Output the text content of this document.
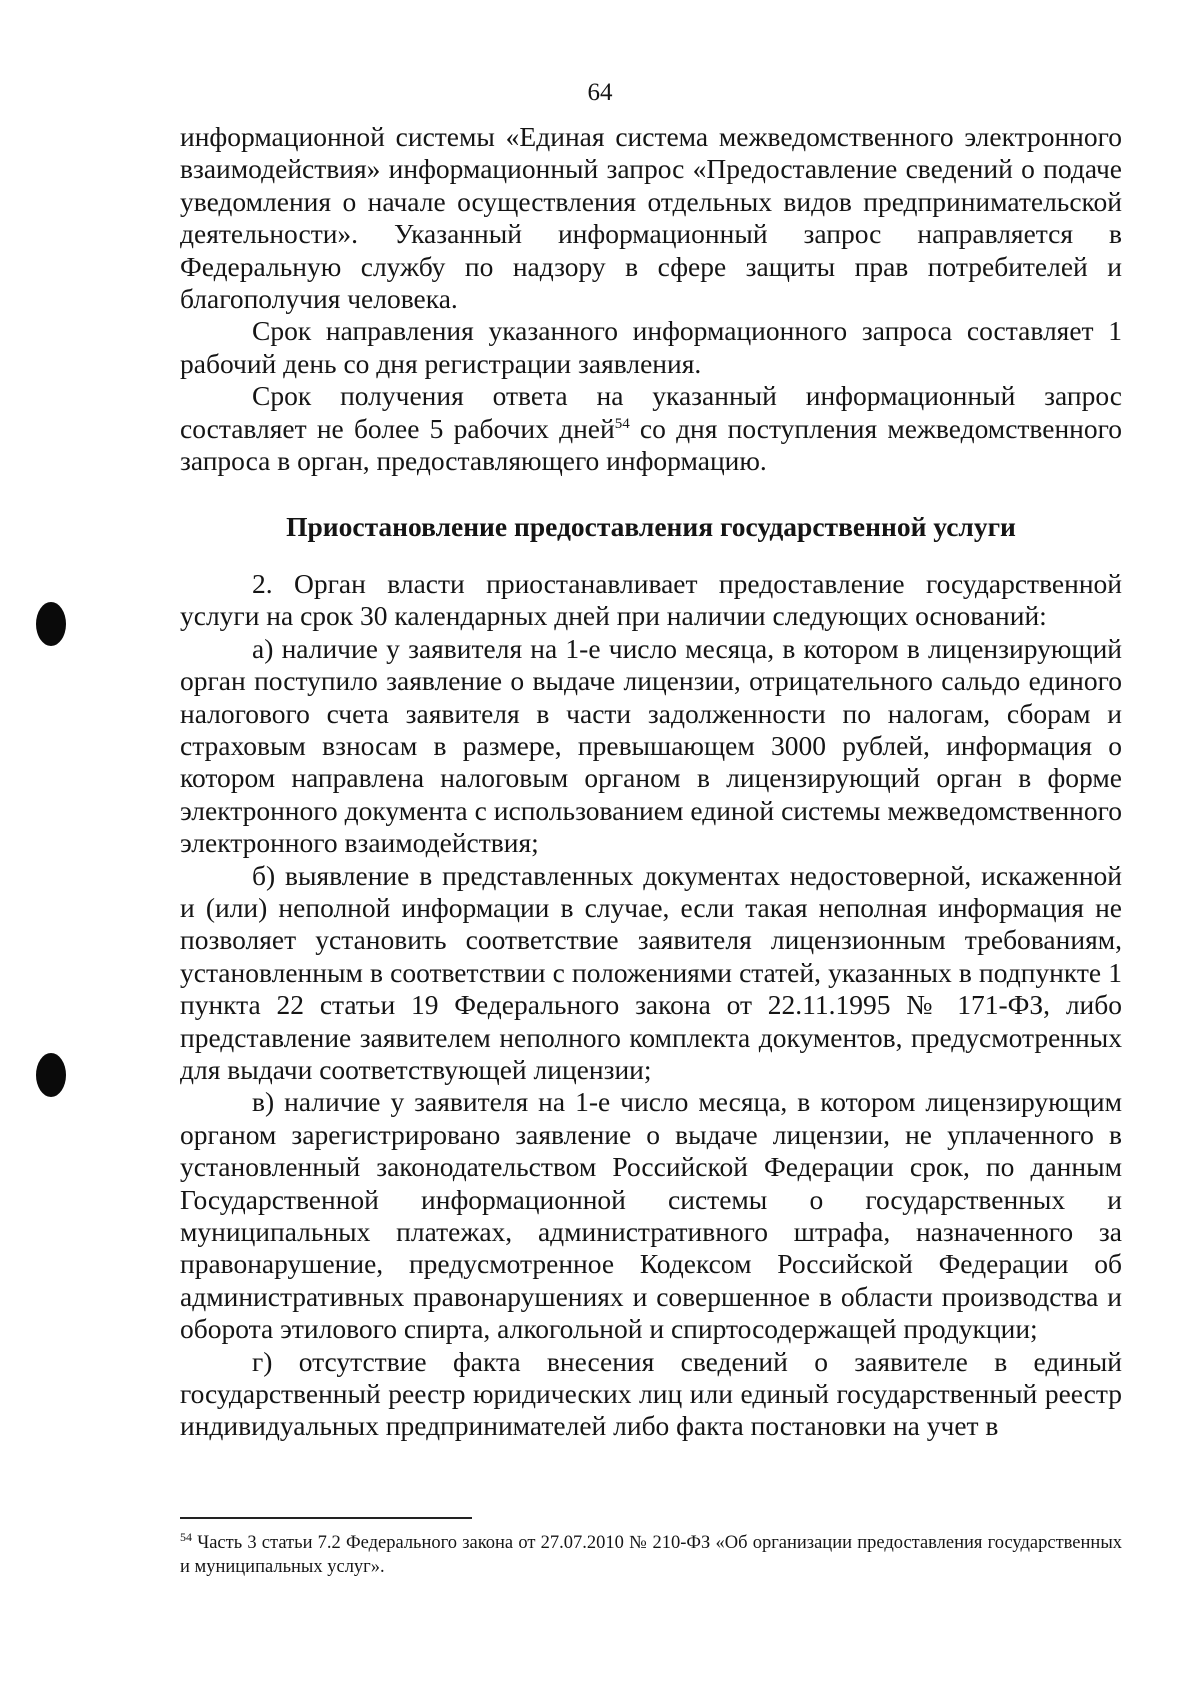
64

информационной системы «Единая система межведомственного электронного взаимодействия» информационный запрос «Предоставление сведений о подаче уведомления о начале осуществления отдельных видов предпринимательской деятельности». Указанный информационный запрос направляется в Федеральную службу по надзору в сфере защиты прав потребителей и благополучия человека.

Срок направления указанного информационного запроса составляет 1 рабочий день со дня регистрации заявления.

Срок получения ответа на указанный информационный запрос составляет не более 5 рабочих дней$^{54}$ со дня поступления межведомственного запроса в орган, предоставляющего информацию.

Приостановление предоставления государственной услуги

2. Орган власти приостанавливает предоставление государственной услуги на срок 30 календарных дней при наличии следующих оснований:

а) наличие у заявителя на 1-е число месяца, в котором в лицензирующий орган поступило заявление о выдаче лицензии, отрицательного сальдо единого налогового счета заявителя в части задолженности по налогам, сборам и страховым взносам в размере, превышающем 3000 рублей, информация о котором направлена налоговым органом в лицензирующий орган в форме электронного документа с использованием единой системы межведомственного электронного взаимодействия;

б) выявление в представленных документах недостоверной, искаженной и (или) неполной информации в случае, если такая неполная информация не позволяет установить соответствие заявителя лицензионным требованиям, установленным в соответствии с положениями статей, указанных в подпункте 1 пункта 22 статьи 19 Федерального закона от 22.11.1995 № 171-ФЗ, либо представление заявителем неполного комплекта документов, предусмотренных для выдачи соответствующей лицензии;

в) наличие у заявителя на 1-е число месяца, в котором лицензирующим органом зарегистрировано заявление о выдаче лицензии, не уплаченного в установленный законодательством Российской Федерации срок, по данным Государственной информационной системы о государственных и муниципальных платежах, административного штрафа, назначенного за правонарушение, предусмотренное Кодексом Российской Федерации об административных правонарушениях и совершенное в области производства и оборота этилового спирта, алкогольной и спиртосодержащей продукции;

г) отсутствие факта внесения сведений о заявителе в единый государственный реестр юридических лиц или единый государственный реестр индивидуальных предпринимателей либо факта постановки на учет в

$^{54}$ Часть 3 статьи 7.2 Федерального закона от 27.07.2010 № 210-ФЗ «Об организации предоставления государственных и муниципальных услуг».
